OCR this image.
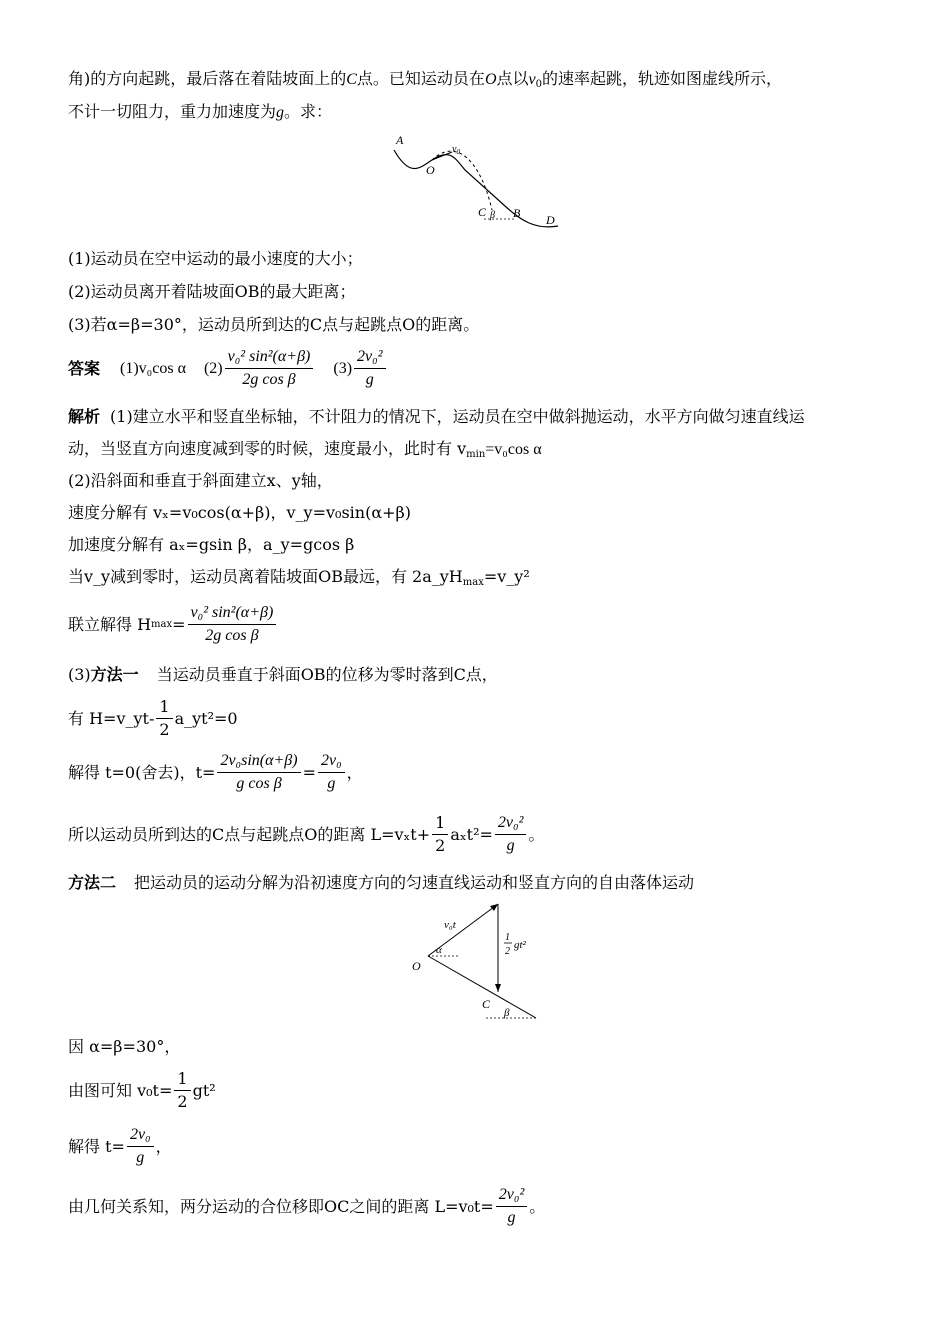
角)的方向起跳，最后落在着陆坡面上的C点。已知运动员在O点以$v_0$的速率起跳，轨迹如图虚线所示，
不计一切阻力，重力加速度为g。求：
A
$v_0$
O
C β B D
(1)运动员在空中运动的最小速度的大小；
(2)运动员离开着陆坡面OB的最大距离；
(3)若α=β=30°，运动员所到达的C点与起跳点O的距离。
答案 (1)v₀cos α $(2) \frac{\text{v₀² sin²(α+β)}}{\text{2g cos β}} (3) \frac{\text{2v₀²}}{g}$
解析 (1)建立水平和竖直坐标轴，不计阻力的情况下，运动员在空中做斜抛运动，水平方向做匀速直线运
动，当竖直方向速度减到零的时候，速度最小，此时有 $v_{min}=v_0\cos$ α
(2)沿斜面和垂直于斜面建立x、y轴，
速度分解有 vₓ=v₀cos(α+β)，v_y=v₀sin(α+β)
加速度分解有 aₓ=gsin β，a_y=gcos β
当v_y减到零时，运动员离着陆坡面OB最远，有 $2a\_yH_{max}=v\_y^2$
联立解得 H $\max = \frac{\text{v₀² sin²(α+β)}}{\text{2g cos β}}$
(3)方法一 当运动员垂直于斜面OB的位移为零时落到C点，
有 H=v_yt- $\frac{1}{2}$ a_yt²=0
解得 t=0(舍去)，$t= \frac{\text{2v₀sin(α+β)}}{\text{g cos β}} = \frac{\text{2v₀}}{g}$ ，
所以运动员所到达的C点与起跳点O的距离 $L=v_xt+ \frac{1}{2} a_xt^2= \frac{\text{2v₀²}}{g}$ 。
方法二 把运动员的运动分解为沿初速度方向的匀速直线运动和竖直方向的自由落体运动
v₀t
α
O
1
2
gt²
C
β
因 α=β=30°，
由图可知 $v_0t= \frac{1}{2} gt^2$
解得 $t= \frac{\text{2v₀}}{g}$ ，
由几何关系知，两分运动的合位移即OC之间的距离 $L=v_0t= \frac{\text{2v₀²}}{g}$ 。
